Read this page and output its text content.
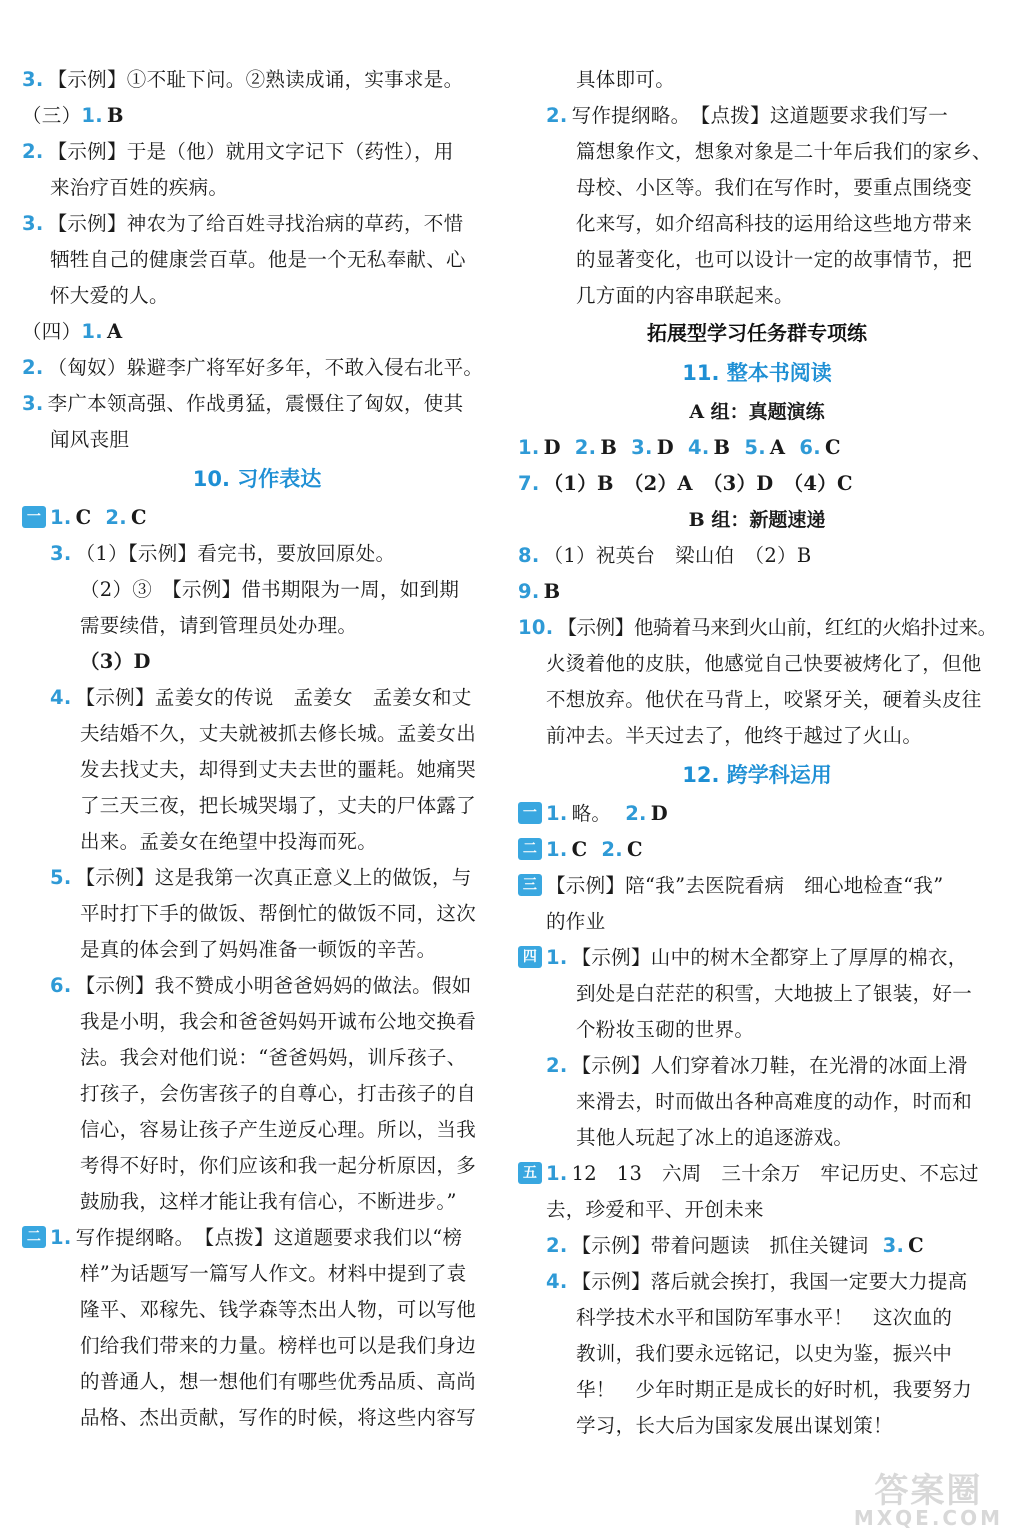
3. 【示例】①不耻下问。②熟读成诵，实事求是。
（三）1. B
2. 【示例】于是（他）就用文字记下（药性），用
来治疗百姓的疾病。
3. 【示例】神农为了给百姓寻找治病的草药，不惜
牺牲自己的健康尝百草。他是一个无私奉献、心
怀大爱的人。
（四）1. A
2. （匈奴）躲避李广将军好多年，不敢入侵右北平。
3. 李广本领高强、作战勇猛，震慑住了匈奴，使其
闻风丧胆
10. 习作表达
一 1. C 2. C
3. （1）【示例】看完书，要放回原处。
（2）③　【示例】借书期限为一周，如到期
需要续借，请到管理员处办理。
（3）D
4. 【示例】孟姜女的传说　孟姜女　孟姜女和丈
夫结婚不久，丈夫就被抓去修长城。孟姜女出
发去找丈夫，却得到丈夫去世的噩耗。她痛哭
了三天三夜，把长城哭塌了，丈夫的尸体露了
出来。孟姜女在绝望中投海而死。
5. 【示例】这是我第一次真正意义上的做饭，与
平时打下手的做饭、帮倒忙的做饭不同，这次
是真的体会到了妈妈准备一顿饭的辛苦。
6. 【示例】我不赞成小明爸爸妈妈的做法。假如
我是小明，我会和爸爸妈妈开诚布公地交换看
法。我会对他们说：“爸爸妈妈，训斥孩子、
打孩子，会伤害孩子的自尊心，打击孩子的自
信心，容易让孩子产生逆反心理。所以，当我
考得不好时，你们应该和我一起分析原因，多
鼓励我，这样才能让我有信心，不断进步。”
二 1. 写作提纲略。　【点拨】这道题要求我们以“榜
样”为话题写一篇写人作文。材料中提到了袁
隆平、邓稼先、钱学森等杰出人物，可以写他
们给我们带来的力量。榜样也可以是我们身边
的普通人，想一想他们有哪些优秀品质、高尚
品格、杰出贡献，写作的时候，将这些内容写
具体即可。
2. 写作提纲略。　【点拨】这道题要求我们写一
篇想象作文，想象对象是二十年后我们的家乡、
母校、小区等。我们在写作时，要重点围绕变
化来写，如介绍高科技的运用给这些地方带来
的显著变化，也可以设计一定的故事情节，把
几方面的内容串联起来。
拓展型学习任务群专项练
11. 整本书阅读
A 组：真题演练
1. D 2. B 3. D 4. B 5. A 6. C
7. （1）B　（2）A　（3）D　（4）C
B 组：新题速递
8. （1）祝英台　梁山伯　（2）B
9. B
10. 【示例】他骑着马来到火山前，红红的火焰扑过来。
火烫着他的皮肤，他感觉自己快要被烤化了，但他
不想放弃。他伏在马背上，咬紧牙关，硬着头皮往
前冲去。半天过去了，他终于越过了火山。
12. 跨学科运用
一 1. 略。 2. D
二 1. C 2. C
三 【示例】陪“我”去医院看病　细心地检查“我”
的作业
四 1. 【示例】山中的树木全都穿上了厚厚的棉衣，
到处是白茫茫的积雪，大地披上了银装，好一
个粉妆玉砌的世界。
2. 【示例】人们穿着冰刀鞋，在光滑的冰面上滑
来滑去，时而做出各种高难度的动作，时而和
其他人玩起了冰上的追逐游戏。
五 1. 12　13　六周　三十余万　牢记历史、不忘过
去，珍爱和平、开创未来
2. 【示例】带着问题读　抓住关键词 3. C
4. 【示例】落后就会挨打，我国一定要大力提高
科学技术水平和国防军事水平！　这次血的
教训，我们要永远铭记，以史为鉴，振兴中
华！　少年时期正是成长的好时机，我要努力
学习，长大后为国家发展出谋划策！
答案圈
MXQE.COM
